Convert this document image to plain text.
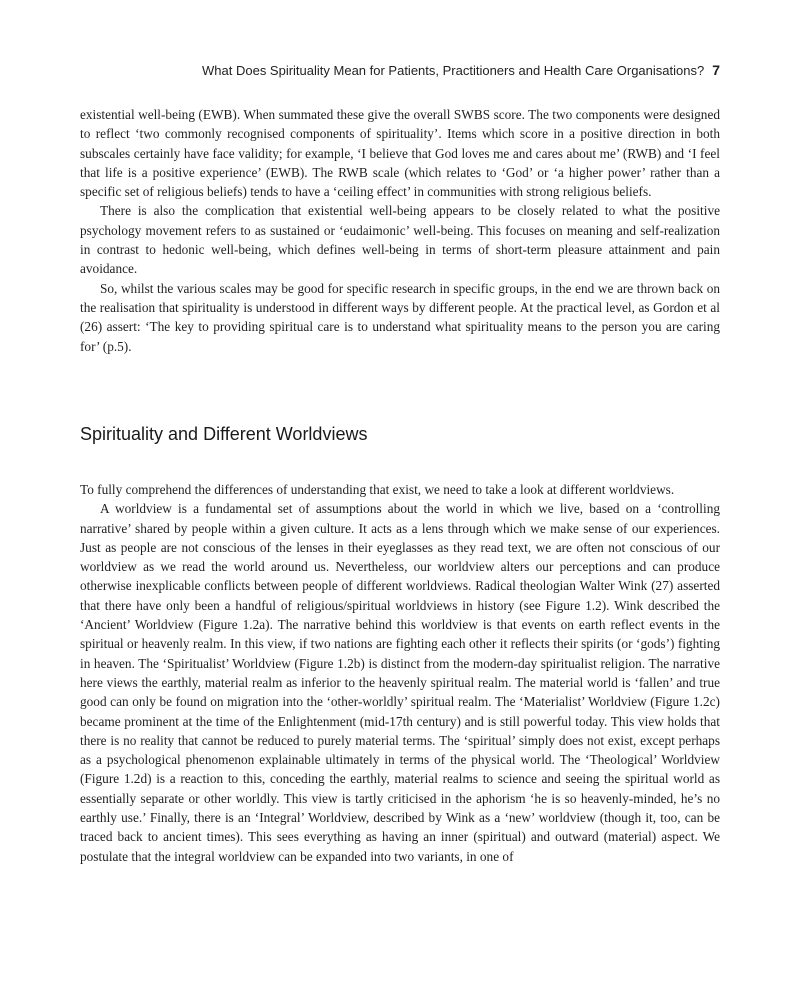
What Does Spirituality Mean for Patients, Practitioners and Health Care Organisations? 7

existential well-being (EWB). When summated these give the overall SWBS score. The two components were designed to reflect ‘two commonly recognised components of spirituality’. Items which score in a positive direction in both subscales certainly have face validity; for example, ‘I believe that God loves me and cares about me’ (RWB) and ‘I feel that life is a positive experience’ (EWB). The RWB scale (which relates to ‘God’ or ‘a higher power’ rather than a specific set of religious beliefs) tends to have a ‘ceiling effect’ in communities with strong religious beliefs.

There is also the complication that existential well-being appears to be closely related to what the positive psychology movement refers to as sustained or ‘eudaimonic’ well-being. This focuses on meaning and self-realization in contrast to hedonic well-being, which defines well-being in terms of short-term pleasure attainment and pain avoidance.

So, whilst the various scales may be good for specific research in specific groups, in the end we are thrown back on the realisation that spirituality is understood in different ways by different people. At the practical level, as Gordon et al (26) assert: ‘The key to providing spiritual care is to understand what spirituality means to the person you are caring for’ (p.5).

Spirituality and Different Worldviews

To fully comprehend the differences of understanding that exist, we need to take a look at different worldviews.

A worldview is a fundamental set of assumptions about the world in which we live, based on a ‘controlling narrative’ shared by people within a given culture. It acts as a lens through which we make sense of our experiences. Just as people are not conscious of the lenses in their eyeglasses as they read text, we are often not conscious of our worldview as we read the world around us. Nevertheless, our worldview alters our perceptions and can produce otherwise inexplicable conflicts between people of different worldviews. Radical theologian Walter Wink (27) asserted that there have only been a handful of religious/spiritual worldviews in history (see Figure 1.2). Wink described the ‘Ancient’ Worldview (Figure 1.2a). The narrative behind this worldview is that events on earth reflect events in the spiritual or heavenly realm. In this view, if two nations are fighting each other it reflects their spirits (or ‘gods’) fighting in heaven. The ‘Spiritualist’ Worldview (Figure 1.2b) is distinct from the modern-day spiritualist religion. The narrative here views the earthly, material realm as inferior to the heavenly spiritual realm. The material world is ‘fallen’ and true good can only be found on migration into the ‘other-worldly’ spiritual realm. The ‘Materialist’ Worldview (Figure 1.2c) became prominent at the time of the Enlightenment (mid-17th century) and is still powerful today. This view holds that there is no reality that cannot be reduced to purely material terms. The ‘spiritual’ simply does not exist, except perhaps as a psychological phenomenon explainable ultimately in terms of the physical world. The ‘Theological’ Worldview (Figure 1.2d) is a reaction to this, conceding the earthly, material realms to science and seeing the spiritual world as essentially separate or other worldly. This view is tartly criticised in the aphorism ‘he is so heavenly-minded, he’s no earthly use.’ Finally, there is an ‘Integral’ Worldview, described by Wink as a ‘new’ worldview (though it, too, can be traced back to ancient times). This sees everything as having an inner (spiritual) and outward (material) aspect. We postulate that the integral worldview can be expanded into two variants, in one of
